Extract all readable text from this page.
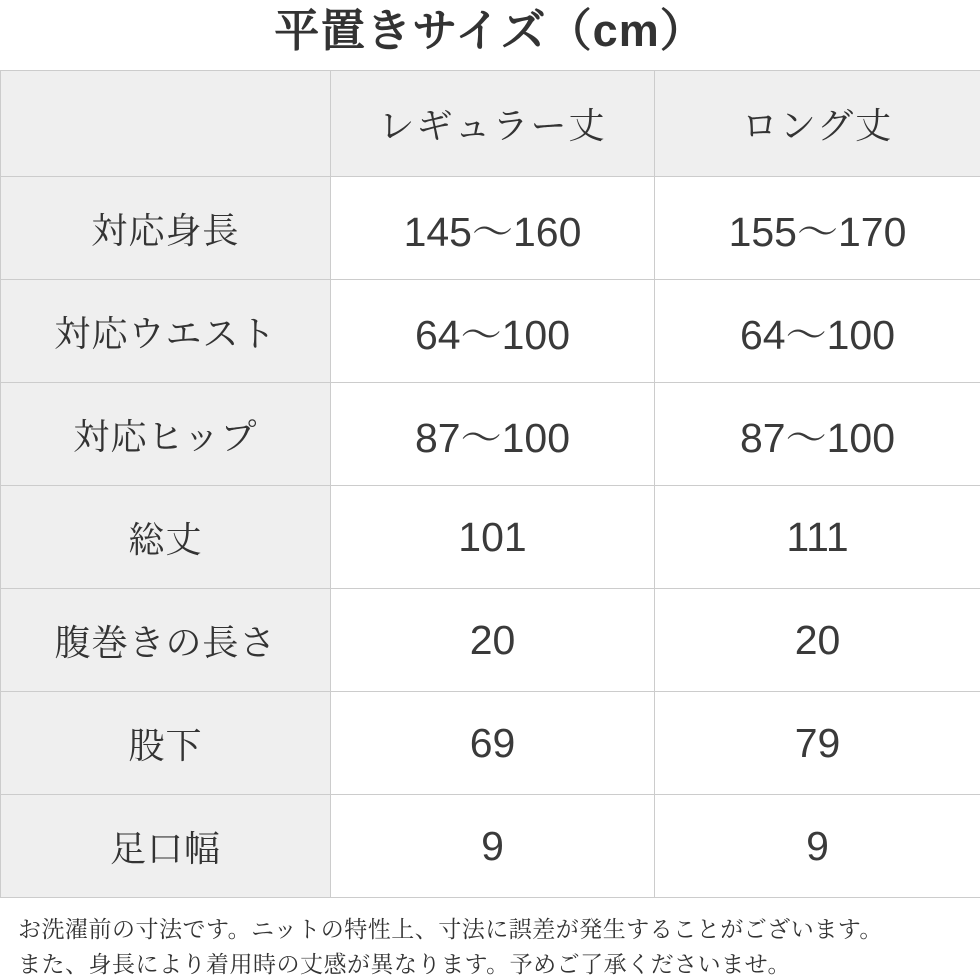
平置きサイズ（cm）
	レギュラー丈	ロング丈
対応身長	145〜160	155〜170
対応ウエスト	64〜100	64〜100
対応ヒップ	87〜100	87〜100
総丈	101	111
腹巻きの長さ	20	20
股下	69	79
足口幅	9	9

お洗濯前の寸法です。ニットの特性上、寸法に誤差が発生することがございます。
また、身長により着用時の丈感が異なります。予めご了承くださいませ。
